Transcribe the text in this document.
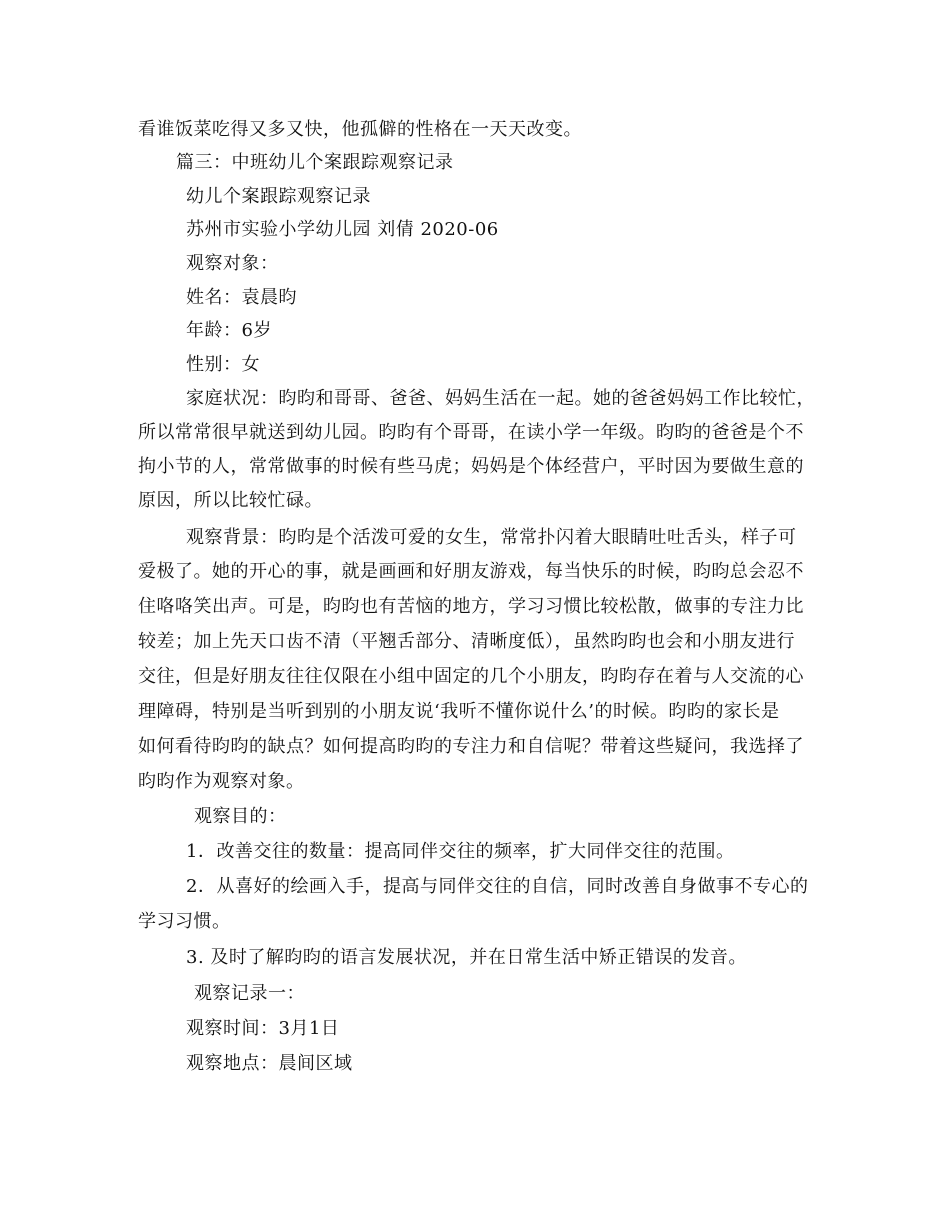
看谁饭菜吃得又多又快，他孤僻的性格在一天天改变。
篇三：中班幼儿个案跟踪观察记录
幼儿个案跟踪观察记录
苏州市实验小学幼儿园 刘倩 2020-06
观察对象：
姓名：袁晨昀
年龄：6岁
性别：女
家庭状况：昀昀和哥哥、爸爸、妈妈生活在一起。她的爸爸妈妈工作比较忙，
所以常常很早就送到幼儿园。昀昀有个哥哥，在读小学一年级。昀昀的爸爸是个不
拘小节的人，常常做事的时候有些马虎；妈妈是个体经营户，平时因为要做生意的
原因，所以比较忙碌。
观察背景：昀昀是个活泼可爱的女生，常常扑闪着大眼睛吐吐舌头，样子可
爱极了。她的开心的事，就是画画和好朋友游戏，每当快乐的时候，昀昀总会忍不
住咯咯笑出声。可是，昀昀也有苦恼的地方，学习习惯比较松散，做事的专注力比
较差；加上先天口齿不清（平翘舌部分、清晰度低），虽然昀昀也会和小朋友进行
交往，但是好朋友往往仅限在小组中固定的几个小朋友，昀昀存在着与人交流的心
理障碍，特别是当听到别的小朋友说‘我听不懂你说什么’的时候。昀昀的家长是
如何看待昀昀的缺点？如何提高昀昀的专注力和自信呢？带着这些疑问，我选择了
昀昀作为观察对象。
观察目的：
1．改善交往的数量：提高同伴交往的频率，扩大同伴交往的范围。
2．从喜好的绘画入手，提高与同伴交往的自信，同时改善自身做事不专心的
学习习惯。
3. 及时了解昀昀的语言发展状况，并在日常生活中矫正错误的发音。
观察记录一：
观察时间：3月1日
观察地点：晨间区域
